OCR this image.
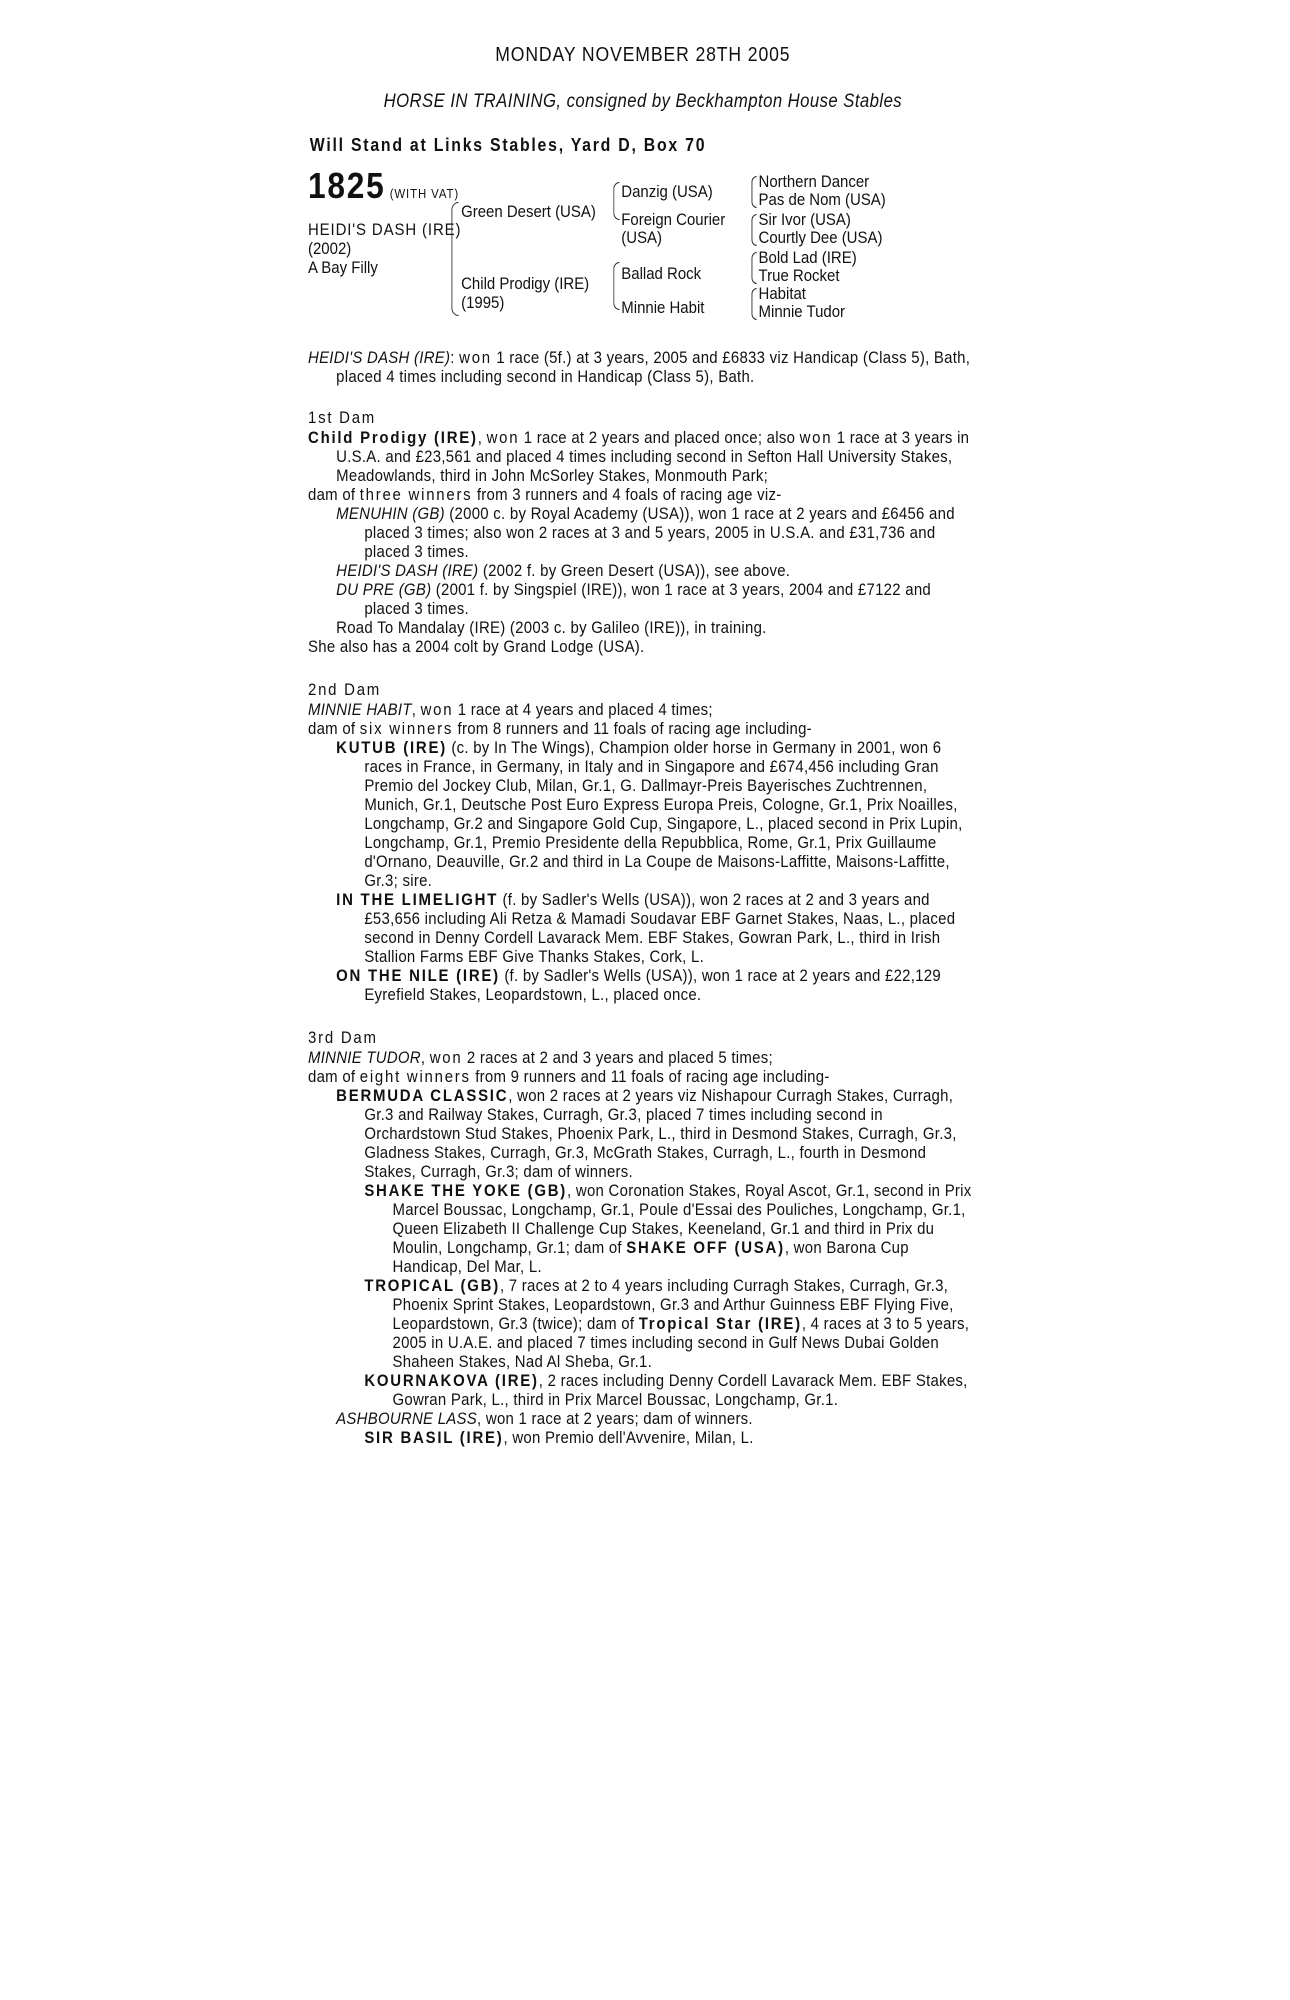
MONDAY NOVEMBER 28TH 2005

HORSE IN TRAINING, consigned by Beckhampton House Stables

Will Stand at Links Stables, Yard D, Box 70

1825 (WITH VAT)
HEIDI'S DASH (IRE)
(2002)
A Bay Filly
Green Desert (USA)
Child Prodigy (IRE)
(1995)
Danzig (USA)
Foreign Courier
(USA)
Ballad Rock
Minnie Habit
Northern Dancer
Pas de Nom (USA)
Sir Ivor (USA)
Courtly Dee (USA)
Bold Lad (IRE)
True Rocket
Habitat
Minnie Tudor

HEIDI'S DASH (IRE): won 1 race (5f.) at 3 years, 2005 and £6833 viz Handicap (Class 5), Bath, placed 4 times including second in Handicap (Class 5), Bath.

1st Dam

Child Prodigy (IRE), won 1 race at 2 years and placed once; also won 1 race at 3 years in U.S.A. and £23,561 and placed 4 times including second in Sefton Hall University Stakes, Meadowlands, third in John McSorley Stakes, Monmouth Park;

dam of three winners from 3 runners and 4 foals of racing age viz-

MENUHIN (GB) (2000 c. by Royal Academy (USA)), won 1 race at 2 years and £6456 and placed 3 times; also won 2 races at 3 and 5 years, 2005 in U.S.A. and £31,736 and placed 3 times.

HEIDI'S DASH (IRE) (2002 f. by Green Desert (USA)), see above.

DU PRE (GB) (2001 f. by Singspiel (IRE)), won 1 race at 3 years, 2004 and £7122 and placed 3 times.

Road To Mandalay (IRE) (2003 c. by Galileo (IRE)), in training.

She also has a 2004 colt by Grand Lodge (USA).

2nd Dam

MINNIE HABIT, won 1 race at 4 years and placed 4 times;

dam of six winners from 8 runners and 11 foals of racing age including-

KUTUB (IRE) (c. by In The Wings), Champion older horse in Germany in 2001, won 6 races in France, in Germany, in Italy and in Singapore and £674,456 including Gran Premio del Jockey Club, Milan, Gr.1, G. Dallmayr-Preis Bayerisches Zuchtrennen, Munich, Gr.1, Deutsche Post Euro Express Europa Preis, Cologne, Gr.1, Prix Noailles, Longchamp, Gr.2 and Singapore Gold Cup, Singapore, L., placed second in Prix Lupin, Longchamp, Gr.1, Premio Presidente della Repubblica, Rome, Gr.1, Prix Guillaume d'Ornano, Deauville, Gr.2 and third in La Coupe de Maisons-Laffitte, Maisons-Laffitte, Gr.3; sire.

IN THE LIMELIGHT (f. by Sadler's Wells (USA)), won 2 races at 2 and 3 years and £53,656 including Ali Retza & Mamadi Soudavar EBF Garnet Stakes, Naas, L., placed second in Denny Cordell Lavarack Mem. EBF Stakes, Gowran Park, L., third in Irish Stallion Farms EBF Give Thanks Stakes, Cork, L.

ON THE NILE (IRE) (f. by Sadler's Wells (USA)), won 1 race at 2 years and £22,129 Eyrefield Stakes, Leopardstown, L., placed once.

3rd Dam

MINNIE TUDOR, won 2 races at 2 and 3 years and placed 5 times;

dam of eight winners from 9 runners and 11 foals of racing age including-

BERMUDA CLASSIC, won 2 races at 2 years viz Nishapour Curragh Stakes, Curragh, Gr.3 and Railway Stakes, Curragh, Gr.3, placed 7 times including second in Orchardstown Stud Stakes, Phoenix Park, L., third in Desmond Stakes, Curragh, Gr.3, Gladness Stakes, Curragh, Gr.3, McGrath Stakes, Curragh, L., fourth in Desmond Stakes, Curragh, Gr.3; dam of winners.

SHAKE THE YOKE (GB), won Coronation Stakes, Royal Ascot, Gr.1, second in Prix Marcel Boussac, Longchamp, Gr.1, Poule d'Essai des Pouliches, Longchamp, Gr.1, Queen Elizabeth II Challenge Cup Stakes, Keeneland, Gr.1 and third in Prix du Moulin, Longchamp, Gr.1; dam of SHAKE OFF (USA), won Barona Cup Handicap, Del Mar, L.

TROPICAL (GB), 7 races at 2 to 4 years including Curragh Stakes, Curragh, Gr.3, Phoenix Sprint Stakes, Leopardstown, Gr.3 and Arthur Guinness EBF Flying Five, Leopardstown, Gr.3 (twice); dam of Tropical Star (IRE), 4 races at 3 to 5 years, 2005 in U.A.E. and placed 7 times including second in Gulf News Dubai Golden Shaheen Stakes, Nad Al Sheba, Gr.1.

KOURNAKOVA (IRE), 2 races including Denny Cordell Lavarack Mem. EBF Stakes, Gowran Park, L., third in Prix Marcel Boussac, Longchamp, Gr.1.

ASHBOURNE LASS, won 1 race at 2 years; dam of winners.

SIR BASIL (IRE), won Premio dell'Avvenire, Milan, L.
